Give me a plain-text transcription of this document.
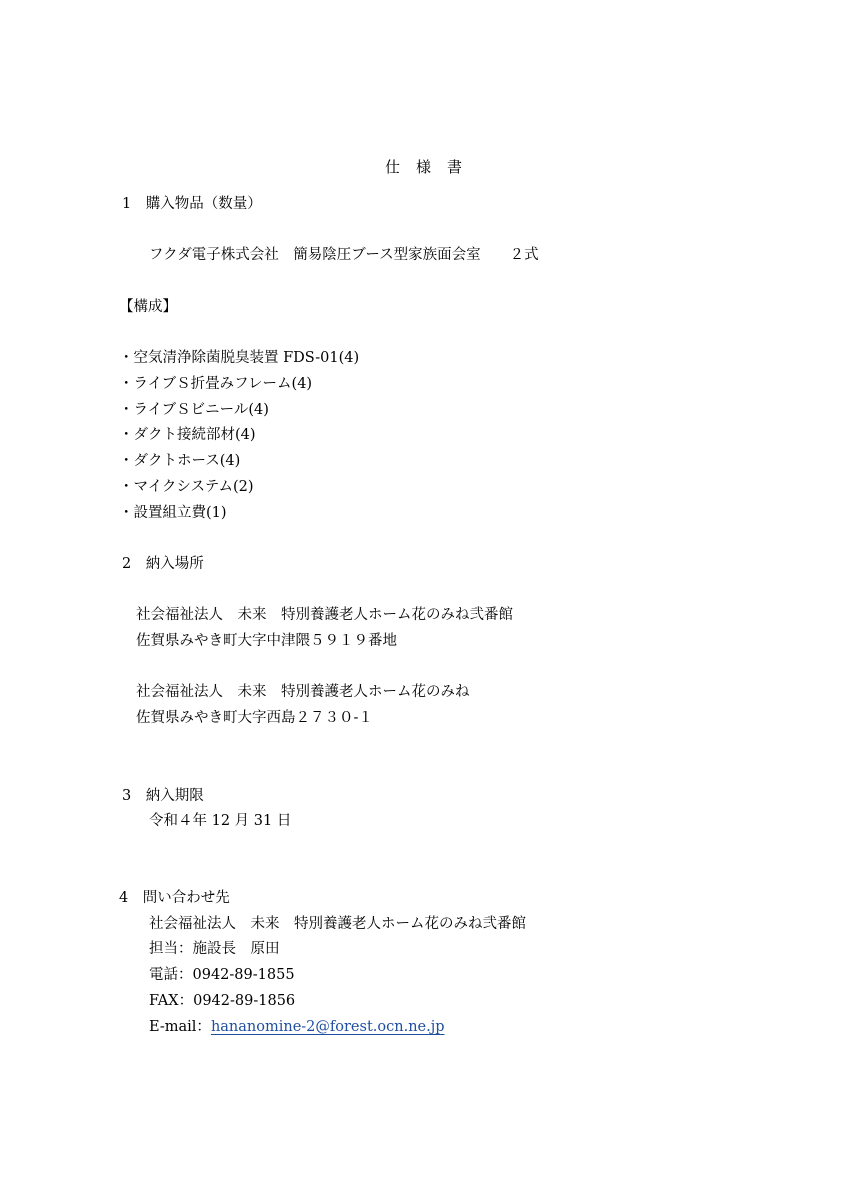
仕 様 書
1　購入物品（数量）
フクダ電子株式会社　簡易陰圧ブース型家族面会室　　２式
【構成】
・空気清浄除菌脱臭装置 FDS-01(4)
・ライブＳ折畳みフレーム(4)
・ライブＳビニール(4)
・ダクト接続部材(4)
・ダクトホース(4)
・マイクシステム(2)
・設置組立費(1)
2　納入場所
社会福祉法人　未来　特別養護老人ホーム花のみね弐番館
佐賀県みやき町大字中津隈５９１９番地
社会福祉法人　未来　特別養護老人ホーム花のみね
佐賀県みやき町大字西島２７３０-１
3　納入期限
令和４年 12 月 31 日
4　問い合わせ先
社会福祉法人　未来　特別養護老人ホーム花のみね弐番館
担当：施設長　原田
電話：0942-89-1855
FAX：0942-89-1856
E-mail：hananomine-2@forest.ocn.ne.jp
